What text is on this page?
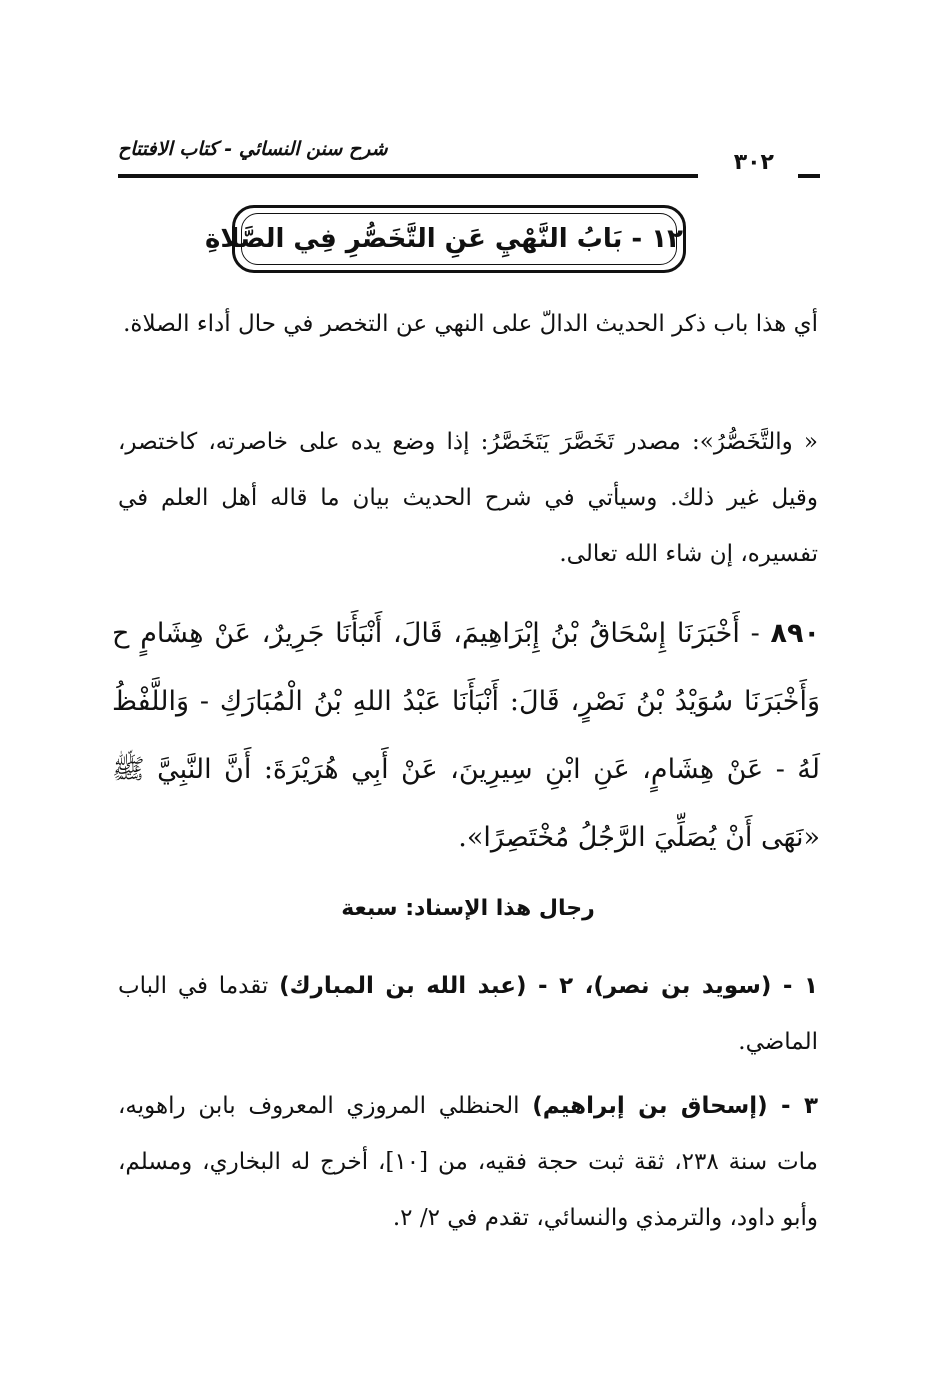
شرح سنن النسائي - كتاب الافتتاح
٣٠٢
١٢ - بَابُ النَّهْيِ عَنِ التَّخَصُّرِ فِي الصَّلاةِ

أي هذا باب ذكر الحديث الدالّ على النهي عن التخصر في حال أداء الصلاة.

« والتَّخَصُّرُ»: مصدر تَخَصَّرَ يَتَخَصَّرُ: إذا وضع يده على خاصرته، كاختصر، وقيل غير ذلك. وسيأتي في شرح الحديث بيان ما قاله أهل العلم في تفسيره، إن شاء الله تعالى.

٨٩٠ - أَخْبَرَنَا إِسْحَاقُ بْنُ إِبْرَاهِيمَ، قَالَ، أَنْبَأَنَا جَرِيرٌ، عَنْ هِشَامٍ ح وَأَخْبَرَنَا سُوَيْدُ بْنُ نَصْرٍ، قَالَ: أَنْبَأَنَا عَبْدُ اللهِ بْنُ الْمُبَارَكِ - وَاللَّفْظُ لَهُ - عَنْ هِشَامٍ، عَنِ ابْنِ سِيرِينَ، عَنْ أَبِي هُرَيْرَةَ: أَنَّ النَّبِيَّ ﷺ «نَهَى أَنْ يُصَلِّيَ الرَّجُلُ مُخْتَصِرًا».

رجال هذا الإسناد: سبعة

١ - (سويد بن نصر)، ٢ - (عبد الله بن المبارك) تقدما في الباب الماضي.

٣ - (إسحاق بن إبراهيم) الحنظلي المروزي المعروف بابن راهويه، مات سنة ٢٣٨، ثقة ثبت حجة فقيه، من [١٠]، أخرج له البخاري، ومسلم، وأبو داود، والترمذي والنسائي، تقدم في ٢/ ٢.
